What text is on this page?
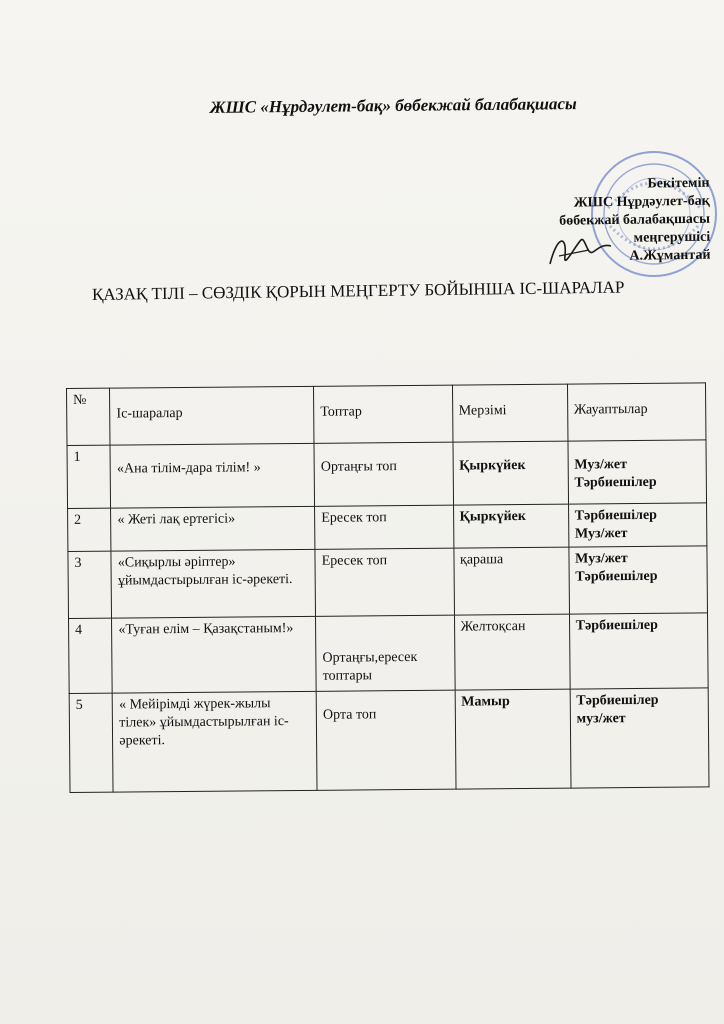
ЖШС «Нұрдәулет-бақ» бөбекжай балабақшасы
Бекітемін
ЖШС Нұрдәулет-бақ
бөбекжай балабақшасы
меңгерушісі
А.Жұмантай
ҚАЗАҚ ТІЛІ – СӨЗДІК ҚОРЫН МЕҢГЕРТУ БОЙЫНША ІС-ШАРАЛАР
№	Іс-шаралар	Топтар	Мерзімі	Жауаптылар

1	«Ана тілім-дара тілім! »	Ортаңғы топ	Қыркүйек	Муз/жет
Тәрбиешілер
2	« Жеті лақ ертегісі»	Ересек топ	Қыркүйек	Тәрбиешілер
Муз/жет

3	«Сиқырлы әріптер» ұйымдастырылған іс-әрекеті.	Ересек топ	қараша	Муз/жет
Тәрбиешілер

4	«Туған елім – Қазақстаным!»	Ортаңғы,ересек топтары	Желтоқсан	Тәрбиешілер

5	« Мейірімді жүрек-жылы тілек» ұйымдастырылған іс-әрекеті.	Орта топ	Мамыр	Тәрбиешілер
муз/жет
